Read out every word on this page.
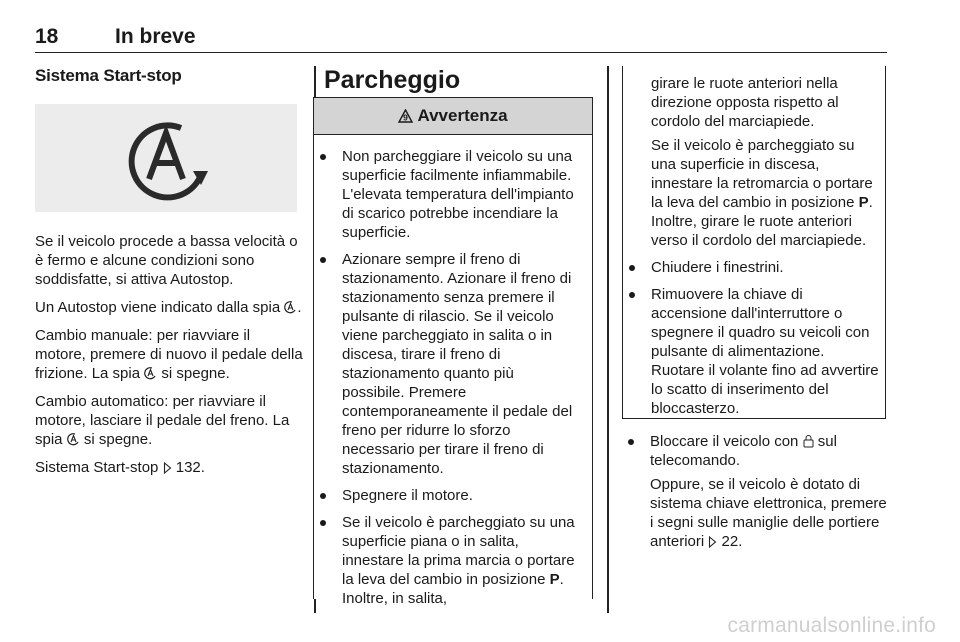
18	In breve
Sistema Start-stop

Se il veicolo procede a bassa velocità o è fermo e alcune condizioni sono soddisfatte, si attiva Autostop.

Un Autostop viene indicato dalla spia .

Cambio manuale: per riavviare il motore, premere di nuovo il pedale della frizione. La spia si spegne.

Cambio automatico: per riavviare il motore, lasciare il pedale del freno. La spia si spegne.

Sistema Start-stop 132.

Parcheggio
9 Avvertenza
Non parcheggiare il veicolo su una superficie facilmente infiammabile. L'elevata temperatura dell'impianto di scarico potrebbe incendiare la superficie.
Azionare sempre il freno di stazionamento. Azionare il freno di stazionamento senza premere il pulsante di rilascio. Se il veicolo viene parcheggiato in salita o in discesa, tirare il freno di stazionamento quanto più possibile. Premere contemporaneamente il pedale del freno per ridurre lo sforzo necessario per tirare il freno di stazionamento.
Spegnere il motore.
Se il veicolo è parcheggiato su una superficie piana o in salita, innestare la prima marcia o portare la leva del cambio in posizione P. Inoltre, in salita,
girare le ruote anteriori nella direzione opposta rispetto al cordolo del marciapiede.
Se il veicolo è parcheggiato su una superficie in discesa, innestare la retromarcia o portare la leva del cambio in posizione P. Inoltre, girare le ruote anteriori verso il cordolo del marciapiede.
Chiudere i finestrini.
Rimuovere la chiave di accensione dall'interruttore o spegnere il quadro su veicoli con pulsante di alimentazione. Ruotare il volante fino ad avvertire lo scatto di inserimento del bloccasterzo.
Bloccare il veicolo con sul telecomando.
Oppure, se il veicolo è dotato di sistema chiave elettronica, premere i segni sulle maniglie delle portiere anteriori 22.
carmanualsonline.info
